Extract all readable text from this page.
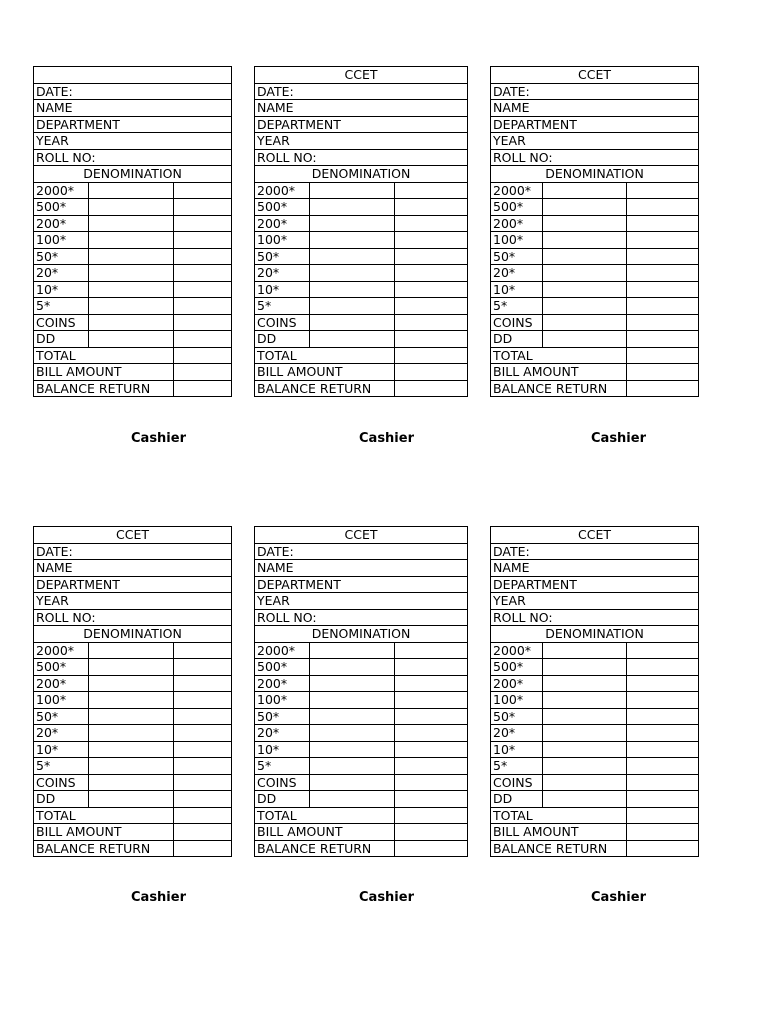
DATE:		
NAME		
DEPARTMENT		
YEAR		
ROLL NO:		
DENOMINATION		
2000*		
500*		
200*		
100*		
50*		
20*		
10*		
5*		
COINS		
DD		
TOTAL		
BILL AMOUNT		
BALANCE RETURN		
Cashier
CCET		
DATE:		
NAME		
DEPARTMENT		
YEAR		
ROLL NO:		
DENOMINATION		
2000*		
500*		
200*		
100*		
50*		
20*		
10*		
5*		
COINS		
DD		
TOTAL		
BILL AMOUNT		
BALANCE RETURN		
Cashier
CCET		
DATE:		
NAME		
DEPARTMENT		
YEAR		
ROLL NO:		
DENOMINATION		
2000*		
500*		
200*		
100*		
50*		
20*		
10*		
5*		
COINS		
DD		
TOTAL		
BILL AMOUNT		
BALANCE RETURN		
Cashier
CCET		
DATE:		
NAME		
DEPARTMENT		
YEAR		
ROLL NO:		
DENOMINATION		
2000*		
500*		
200*		
100*		
50*		
20*		
10*		
5*		
COINS		
DD		
TOTAL		
BILL AMOUNT		
BALANCE RETURN		
Cashier
CCET		
DATE:		
NAME		
DEPARTMENT		
YEAR		
ROLL NO:		
DENOMINATION		
2000*		
500*		
200*		
100*		
50*		
20*		
10*		
5*		
COINS		
DD		
TOTAL		
BILL AMOUNT		
BALANCE RETURN		
Cashier
CCET		
DATE:		
NAME		
DEPARTMENT		
YEAR		
ROLL NO:		
DENOMINATION		
2000*		
500*		
200*		
100*		
50*		
20*		
10*		
5*		
COINS		
DD		
TOTAL		
BILL AMOUNT		
BALANCE RETURN		
Cashier
